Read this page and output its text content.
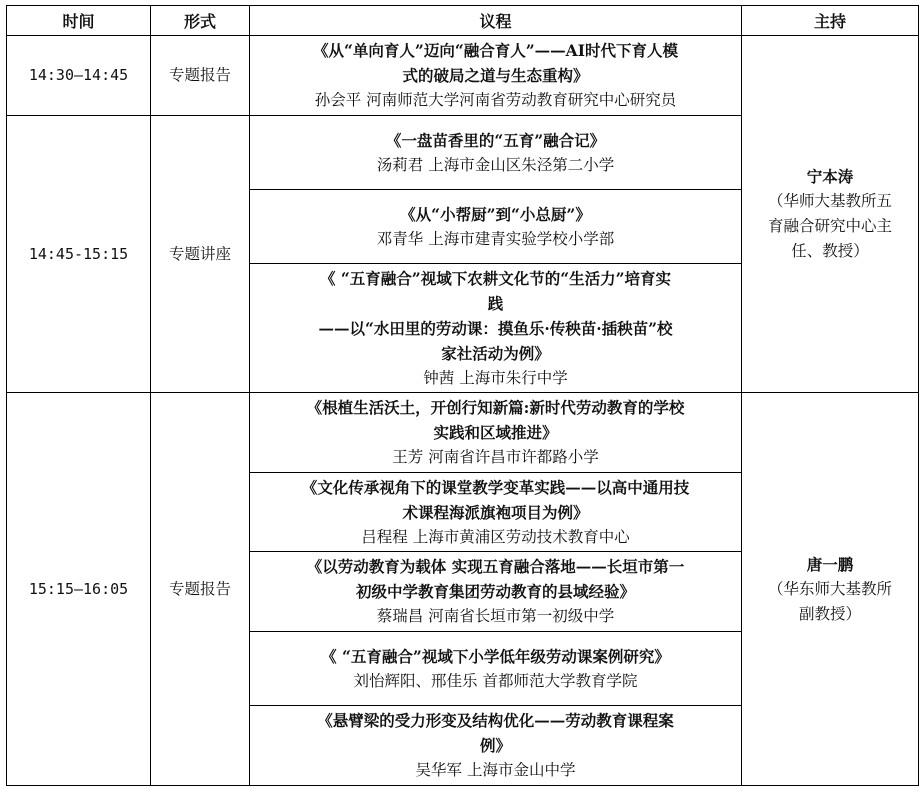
时间	形式	议程	主持
14:30—14:45	专题报告	《从“单向育人”迈向“融合育人”——AI时代下育人模
式的破局之道与生态重构》
孙会平 河南师范大学河南省劳动教育研究中心研究员	宁本涛
（华师大基教所五
育融合研究中心主
任、教授）

14:45-15:15	专题讲座	《一盘苗香里的“五育”融合记》
汤莉君 上海市金山区朱泾第二小学	

		《从“小帮厨”到“小总厨”》
邓青华 上海市建青实验学校小学部	

		《 “五育融合”视域下农耕文化节的“生活力”培育实
践
——以“水田里的劳动课：摸鱼乐·传秧苗·插秧苗”校
家社活动为例》
钟茜 上海市朱行中学	

15:15—16:05	专题报告	《根植生活沃土，开创行知新篇:新时代劳动教育的学校
实践和区域推进》
王芳 河南省许昌市许都路小学	唐一鹏
（华东师大基教所
副教授）

		《文化传承视角下的课堂教学变革实践——以高中通用技
术课程海派旗袍项目为例》
吕程程 上海市黄浦区劳动技术教育中心	

		《以劳动教育为载体 实现五育融合落地——长垣市第一
初级中学教育集团劳动教育的县域经验》
蔡瑞昌 河南省长垣市第一初级中学	

		《 “五育融合”视域下小学低年级劳动课案例研究》
刘怡辉阳、邢佳乐 首都师范大学教育学院	

		《悬臂梁的受力形变及结构优化——劳动教育课程案
例》
吴华军 上海市金山中学	
